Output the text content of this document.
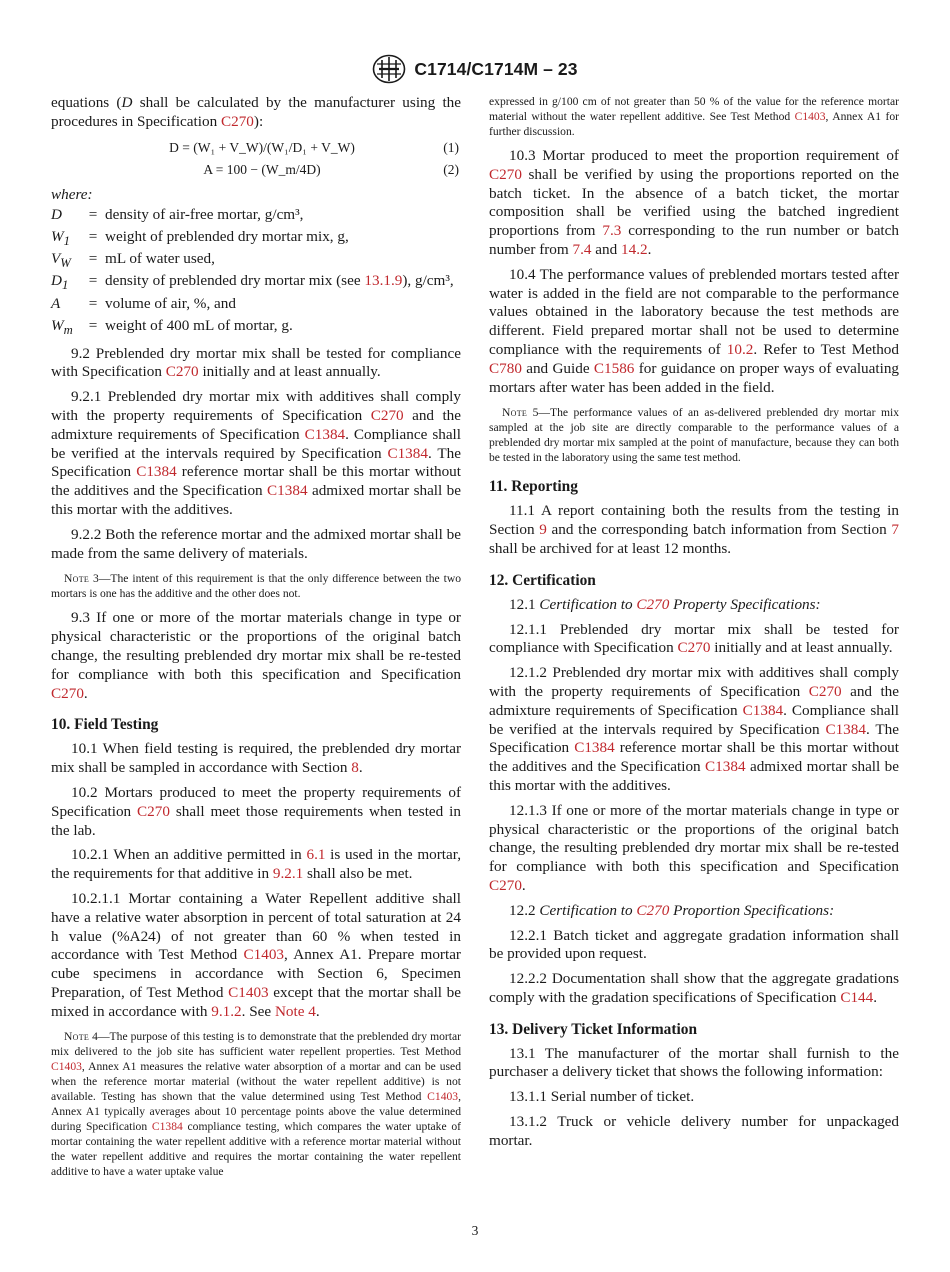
C1714/C1714M – 23

equations (D shall be calculated by the manufacturer using the procedures in Specification C270):

D = (W₁ + V_W)/(W₁/D₁ + V_W)	(1)
A = 100 − (W_m/4D)	(2)
where:
D	=	density of air-free mortar, g/cm³,
$W_1$	=	weight of preblended dry mortar mix, g,
$V_W$	=	mL of water used,
$D_1$	=	density of preblended dry mortar mix (see 13.1.9), g/cm³,
A	=	volume of air, %, and
$W_m$	=	weight of 400 mL of mortar, g.

9.2 Preblended dry mortar mix shall be tested for compliance with Specification C270 initially and at least annually.

9.2.1 Preblended dry mortar mix with additives shall comply with the property requirements of Specification C270 and the admixture requirements of Specification C1384. Compliance shall be verified at the intervals required by Specification C1384. The Specification C1384 reference mortar shall be this mortar without the additives and the Specification C1384 admixed mortar shall be this mortar with the additives.

9.2.2 Both the reference mortar and the admixed mortar shall be made from the same delivery of materials.

Note 3—The intent of this requirement is that the only difference between the two mortars is one has the additive and the other does not.

9.3 If one or more of the mortar materials change in type or physical characteristic or the proportions of the original batch change, the resulting preblended dry mortar mix shall be re-tested for compliance with both this specification and Specification C270.

10. Field Testing

10.1 When field testing is required, the preblended dry mortar mix shall be sampled in accordance with Section 8.

10.2 Mortars produced to meet the property requirements of Specification C270 shall meet those requirements when tested in the lab.

10.2.1 When an additive permitted in 6.1 is used in the mortar, the requirements for that additive in 9.2.1 shall also be met.

10.2.1.1 Mortar containing a Water Repellent additive shall have a relative water absorption in percent of total saturation at 24 h value (%A24) of not greater than 60 % when tested in accordance with Test Method C1403, Annex A1. Prepare mortar cube specimens in accordance with Section 6, Specimen Preparation, of Test Method C1403 except that the mortar shall be mixed in accordance with 9.1.2. See Note 4.

Note 4—The purpose of this testing is to demonstrate that the preblended dry mortar mix delivered to the job site has sufficient water repellent properties. Test Method C1403, Annex A1 measures the relative water absorption of a mortar and can be used when the reference mortar material (without the water repellent additive) is not available. Testing has shown that the value determined using Test Method C1403, Annex A1 typically averages about 10 percentage points above the value determined during Specification C1384 compliance testing, which compares the water uptake of mortar containing the water repellent additive with a reference mortar material without the water repellent additive and requires the mortar containing the water repellent additive to have a water uptake value
expressed in g/100 cm of not greater than 50 % of the value for the reference mortar material without the water repellent additive. See Test Method C1403, Annex A1 for further discussion.

10.3 Mortar produced to meet the proportion requirement of C270 shall be verified by using the proportions reported on the batch ticket. In the absence of a batch ticket, the mortar composition shall be verified using the batched ingredient proportions from 7.3 corresponding to the run number or batch number from 7.4 and 14.2.

10.4 The performance values of preblended mortars tested after water is added in the field are not comparable to the performance values obtained in the laboratory because the test methods are different. Field prepared mortar shall not be used to determine compliance with the requirements of 10.2. Refer to Test Method C780 and Guide C1586 for guidance on proper ways of evaluating mortars after water has been added in the field.

Note 5—The performance values of an as-delivered preblended dry mortar mix sampled at the job site are directly comparable to the performance values of a preblended dry mortar mix sampled at the point of manufacture, because they can both be tested in the laboratory using the same test method.
11. Reporting

11.1 A report containing both the results from the testing in Section 9 and the corresponding batch information from Section 7 shall be archived for at least 12 months.

12. Certification

12.1 Certification to C270 Property Specifications:

12.1.1 Preblended dry mortar mix shall be tested for compliance with Specification C270 initially and at least annually.

12.1.2 Preblended dry mortar mix with additives shall comply with the property requirements of Specification C270 and the admixture requirements of Specification C1384. Compliance shall be verified at the intervals required by Specification C1384. The Specification C1384 reference mortar shall be this mortar without the additives and the Specification C1384 admixed mortar shall be this mortar with the additives.

12.1.3 If one or more of the mortar materials change in type or physical characteristic or the proportions of the original batch change, the resulting preblended dry mortar mix shall be re-tested for compliance with both this specification and Specification C270.

12.2 Certification to C270 Proportion Specifications:

12.2.1 Batch ticket and aggregate gradation information shall be provided upon request.

12.2.2 Documentation shall show that the aggregate gradations comply with the gradation specifications of Specification C144.

13. Delivery Ticket Information

13.1 The manufacturer of the mortar shall furnish to the purchaser a delivery ticket that shows the following information:

13.1.1 Serial number of ticket.

13.1.2 Truck or vehicle delivery number for unpackaged mortar.

3
